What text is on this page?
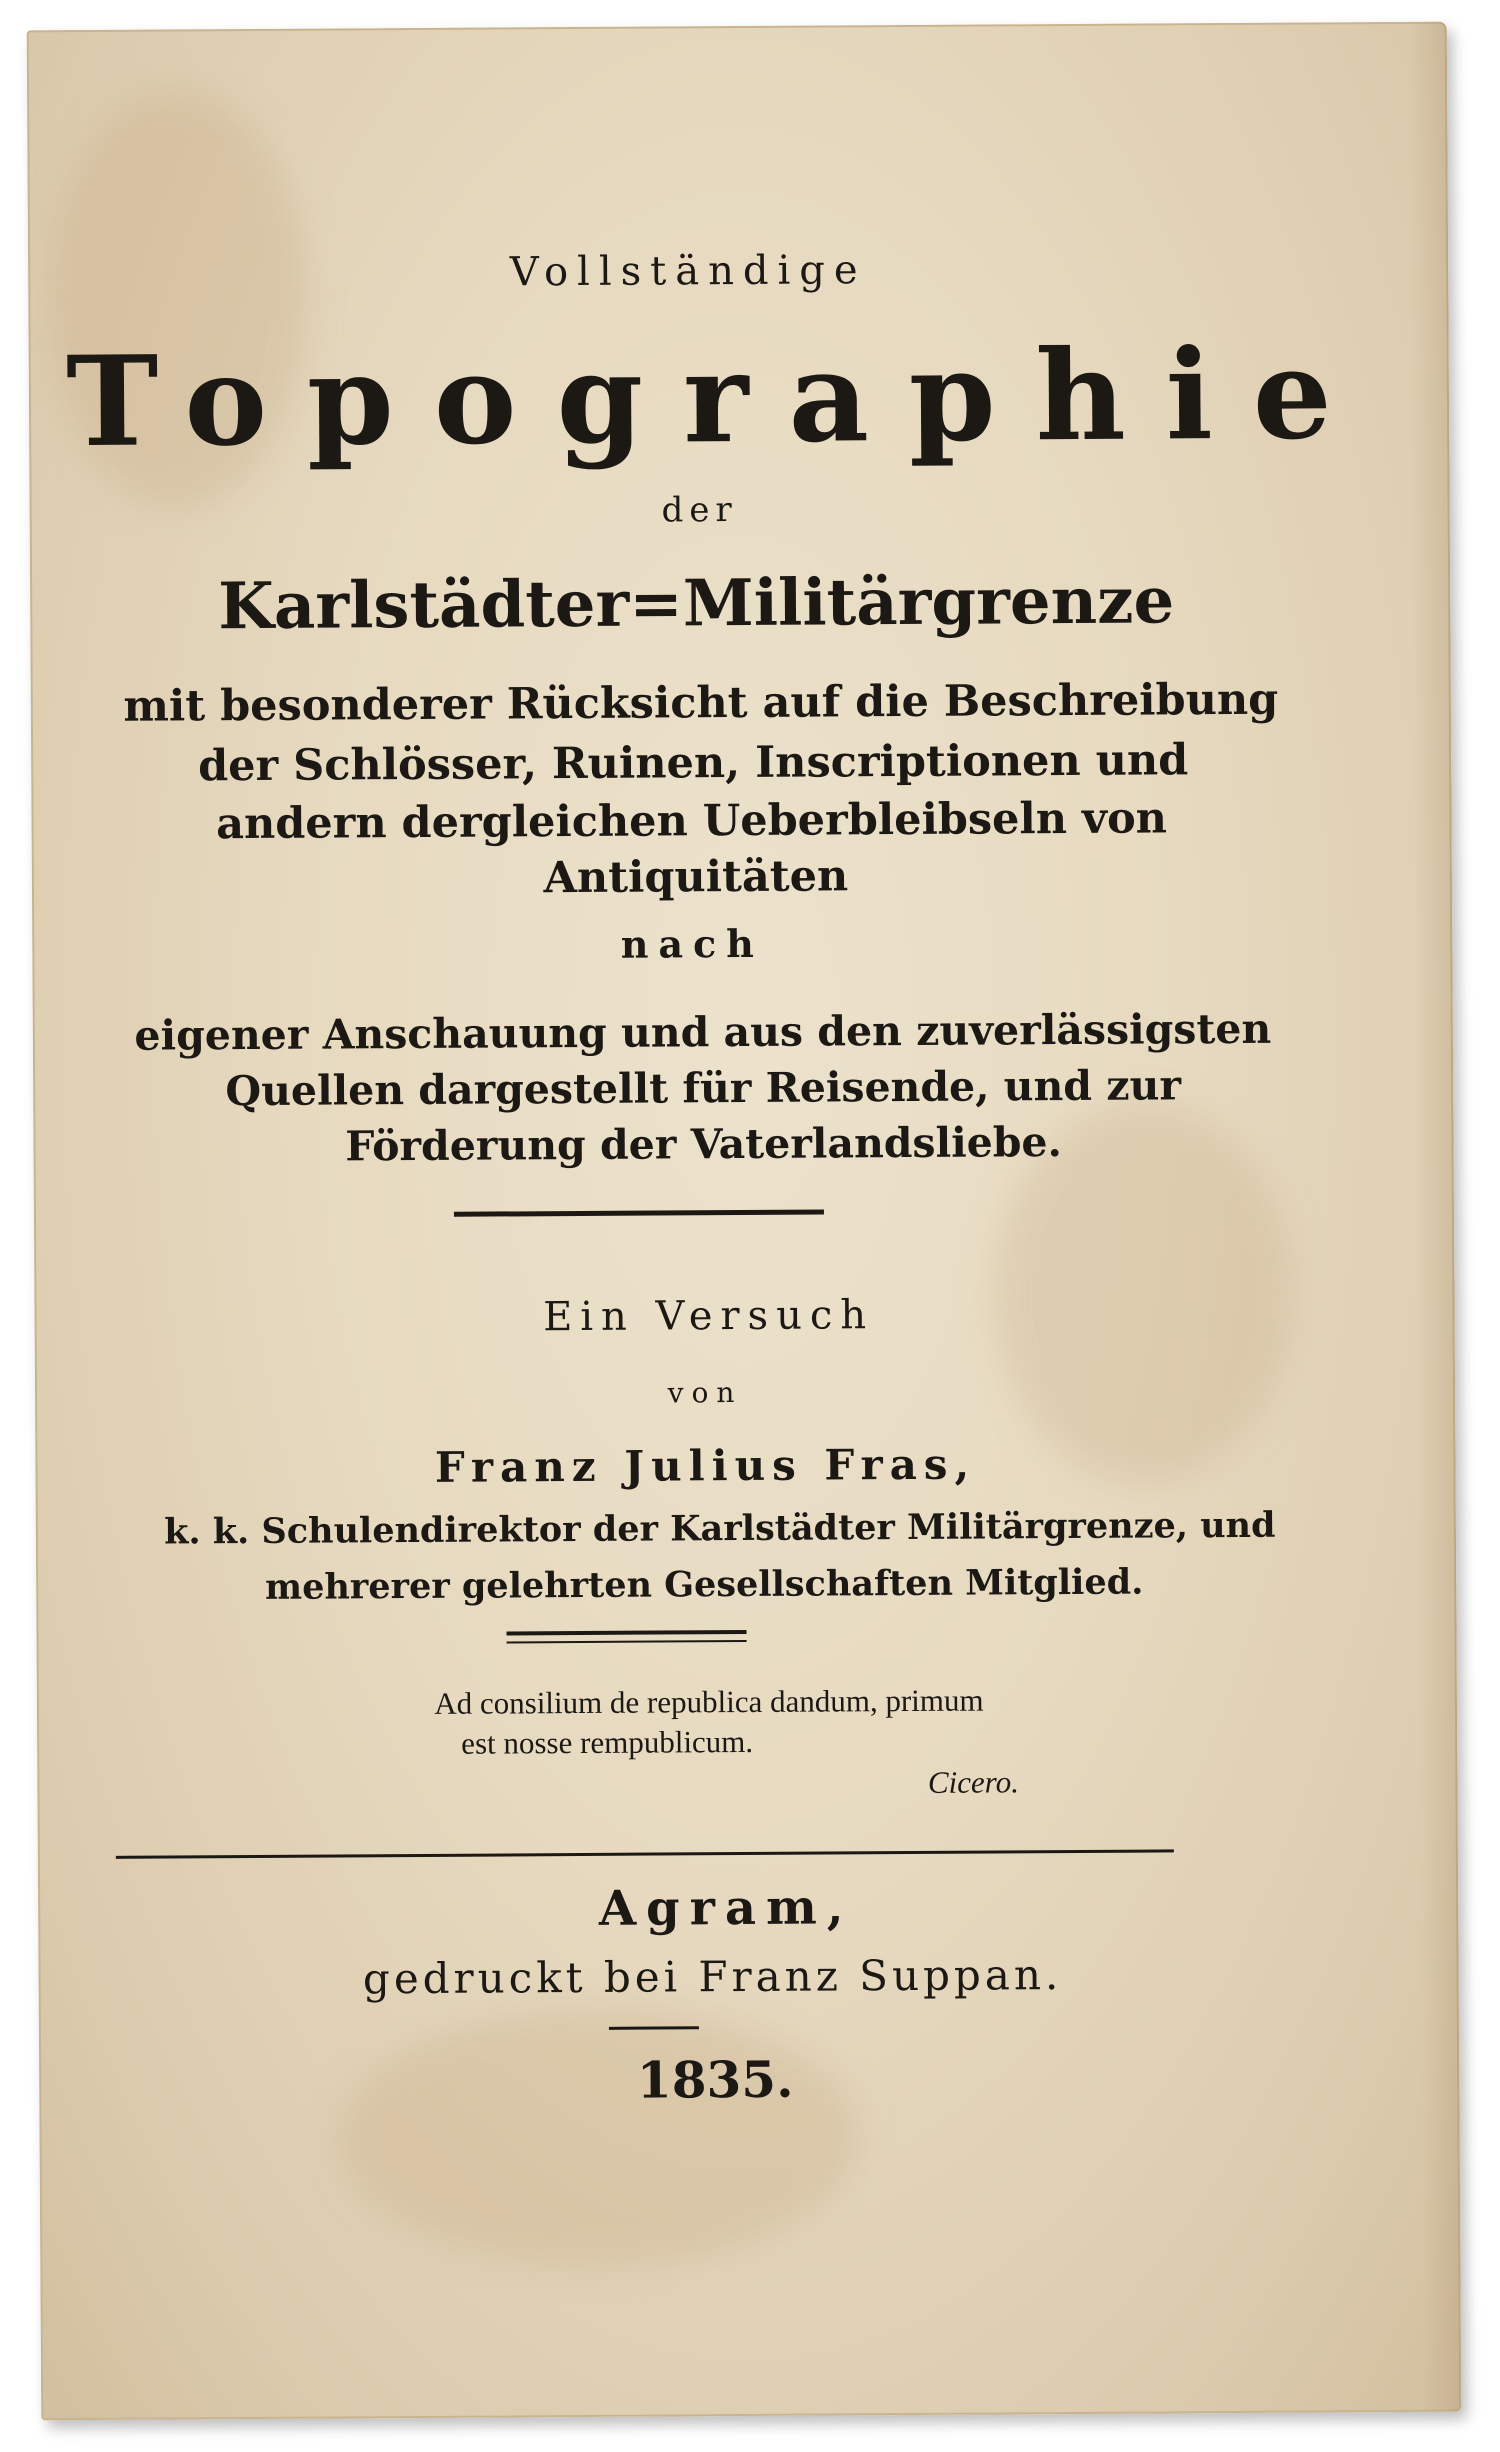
Vollständige
Topographie
der
Karlstädter=Militärgrenze
mit besonderer Rücksicht auf die Beschreibung
der Schlösser, Ruinen, Inscriptionen und
andern dergleichen Ueberbleibseln von
Antiquitäten
nach
eigener Anschauung und aus den zuverlässigsten
Quellen dargestellt für Reisende, und zur
Förderung der Vaterlandsliebe.
Ein Versuch
von
Franz Julius Fras,
k. k. Schulendirektor der Karlstädter Militärgrenze, und
mehrerer gelehrten Gesellschaften Mitglied.
Ad consilium de republica dandum, primum
est nosse rempublicum.
Cicero.
Agram,
gedruckt bei Franz Suppan.
1835.
